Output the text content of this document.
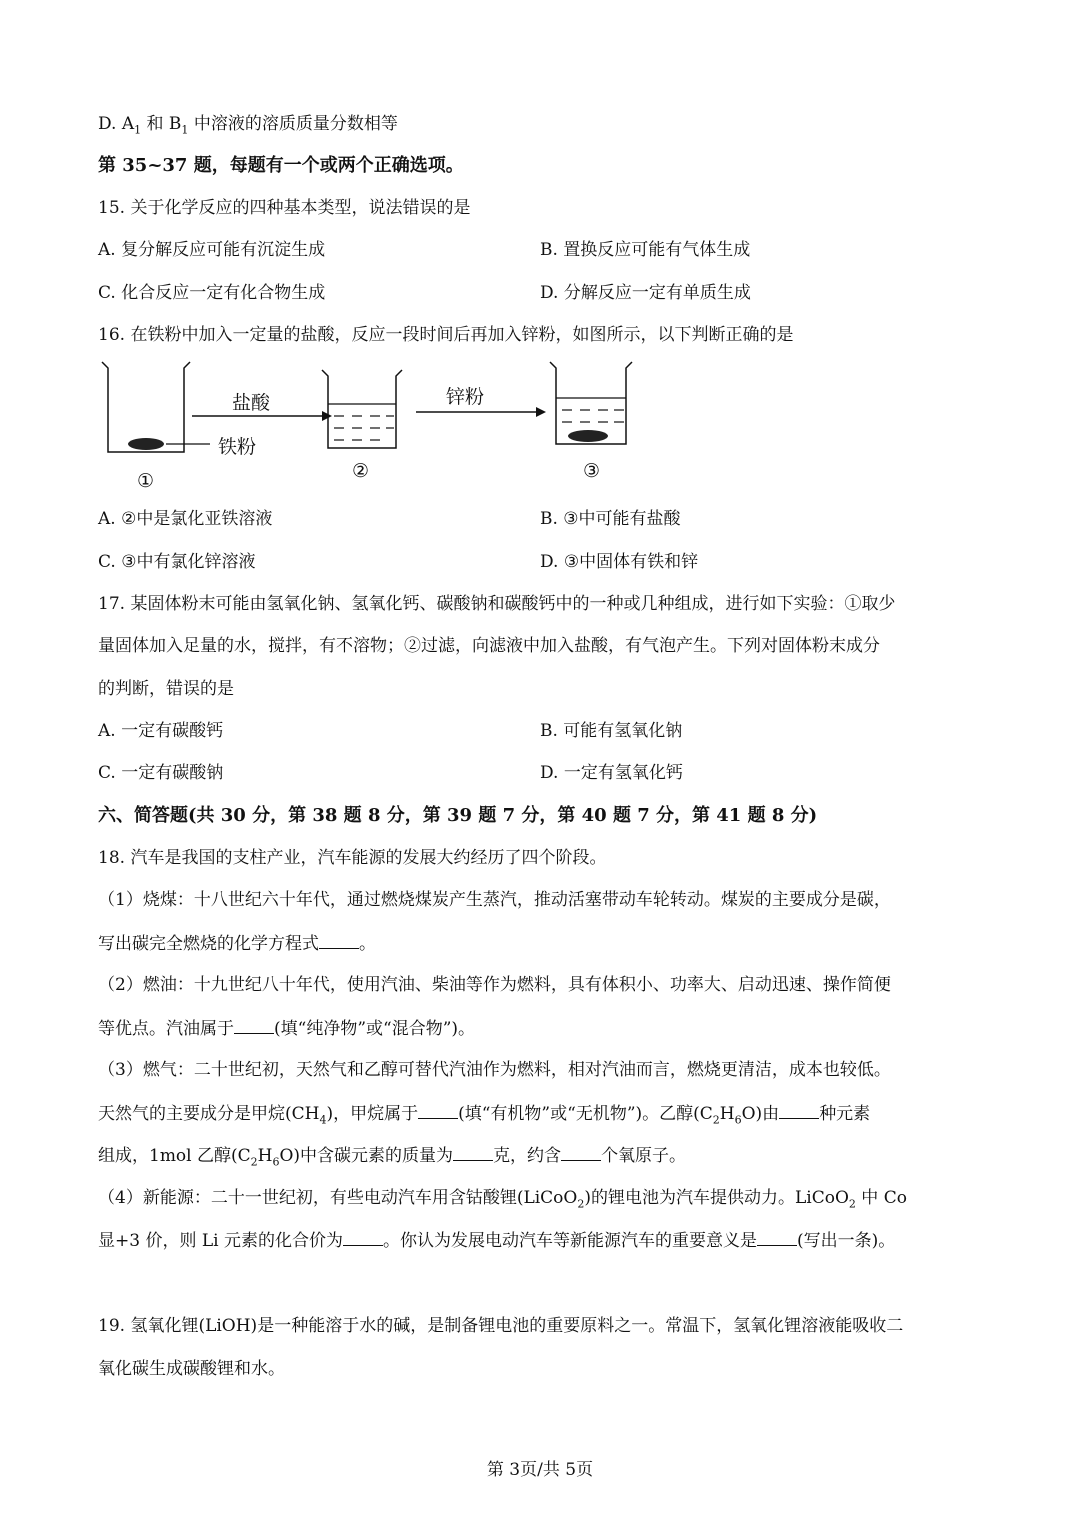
D. $A_1$ 和 $B_1$ 中溶液的溶质质量分数相等
第 35~37 题，每题有一个或两个正确选项。
15. 关于化学反应的四种基本类型，说法错误的是
A. 复分解反应可能有沉淀生成	B. 置换反应可能有气体生成
C. 化合反应一定有化合物生成	D. 分解反应一定有单质生成
16. 在铁粉中加入一定量的盐酸，反应一段时间后再加入锌粉，如图所示，以下判断正确的是
盐酸	锌粉
铁粉
①	②	③
A. ②中是氯化亚铁溶液	B. ③中可能有盐酸
C. ③中有氯化锌溶液	D. ③中固体有铁和锌
17. 某固体粉末可能由氢氧化钠、氢氧化钙、碳酸钠和碳酸钙中的一种或几种组成，进行如下实验：①取少
量固体加入足量的水，搅拌，有不溶物；②过滤，向滤液中加入盐酸，有气泡产生。下列对固体粉末成分
的判断，错误的是
A. 一定有碳酸钙	B. 可能有氢氧化钠
C. 一定有碳酸钠	D. 一定有氢氧化钙
六、简答题(共 30 分，第 38 题 8 分，第 39 题 7 分，第 40 题 7 分，第 41 题 8 分)
18. 汽车是我国的支柱产业，汽车能源的发展大约经历了四个阶段。
（1）烧煤：十八世纪六十年代，通过燃烧煤炭产生蒸汽，推动活塞带动车轮转动。煤炭的主要成分是碳，
写出碳完全燃烧的化学方程式 。
（2）燃油：十九世纪八十年代，使用汽油、柴油等作为燃料，具有体积小、功率大、启动迅速、操作简便
等优点。汽油属于 (填“纯净物”或“混合物”)。
（3）燃气：二十世纪初，天然气和乙醇可替代汽油作为燃料，相对汽油而言，燃烧更清洁，成本也较低。
天然气的主要成分是甲烷$(CH_4)$，甲烷属于 (填“有机物”或“无机物”)。乙醇$(C_2H_6O)$由 种元素
组成，1mol 乙醇$(C_2H_6O)$中含碳元素的质量为 克，约含 个氧原子。
（4）新能源：二十一世纪初，有些电动汽车用含钴酸锂(LiCoO$_2$)的锂电池为汽车提供动力。LiCoO$_2$ 中 Co
显+3 价，则 Li 元素的化合价为 。你认为发展电动汽车等新能源汽车的重要意义是 (写出一条)。
19. 氢氧化锂(LiOH)是一种能溶于水的碱，是制备锂电池的重要原料之一。常温下，氢氧化锂溶液能吸收二
氧化碳生成碳酸锂和水。
第 3页/共 5页
